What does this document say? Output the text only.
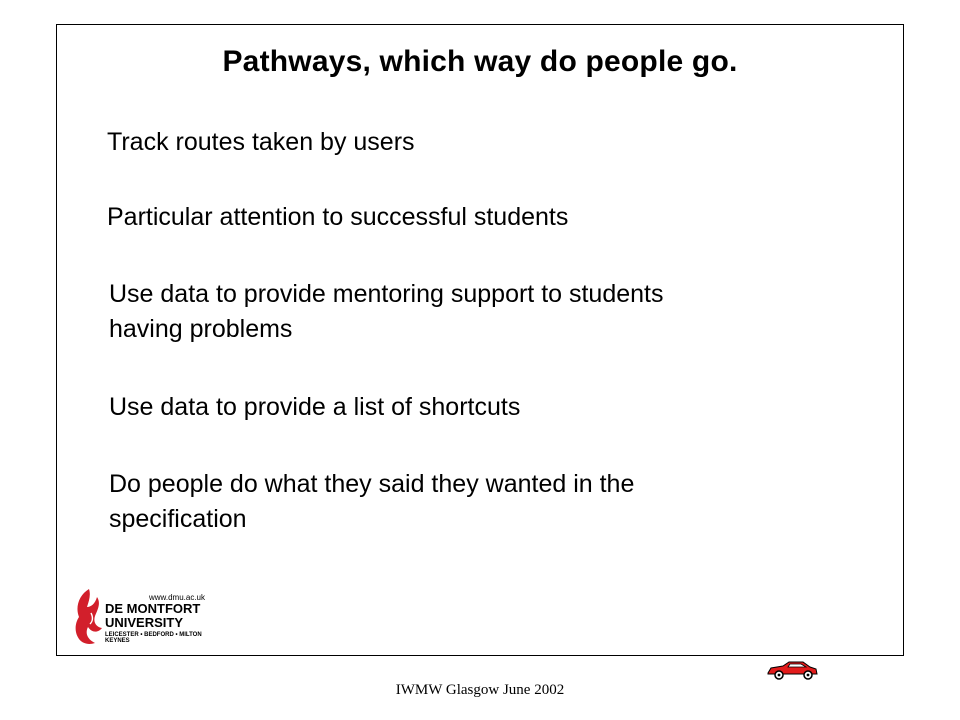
Pathways, which way do people go.
Track routes taken by users
Particular attention to successful students
Use data to provide mentoring support to students
having problems
Use data to provide a list of shortcuts
Do people do what they said they wanted in the
specification
www.dmu.ac.uk
DE MONTFORT
UNIVERSITY
LEICESTER • BEDFORD • MILTON KEYNES
IWMW Glasgow June 2002
